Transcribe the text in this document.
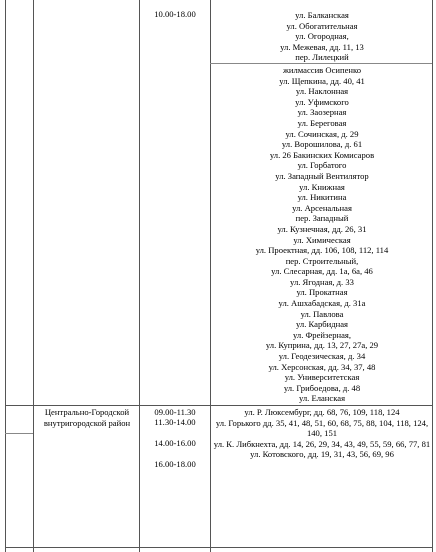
10.00-18.00	ул. Балканская
ул. Обогатительная
ул. Огородная,
ул. Межевая, дд. 11, 13
пер. Лилецкий
жилмассив Осипенко
ул. Щепкина, дд. 40, 41
ул. Наклонная
ул. Уфимского
ул. Заозерная
ул. Береговая
ул. Сочинская, д. 29
ул. Ворошилова, д. 61
ул. 26 Бакинских Комисаров
ул. Горбатого
ул. Западный Вентилятор
ул. Книжная
ул. Никитина
ул. Арсенальная
пер. Западный
ул. Кузнечная, дд. 26, 31
ул. Химическая
ул. Проектная, дд. 106, 108, 112, 114
пер. Строительный,
ул. Слесарная, дд. 1а, 6а, 46
ул. Ягодная, д. 33
ул. Прокатная
ул. Ашхабадская, д. 31а
ул. Павлова
ул. Карбидная
ул. Фрейзерная,
ул. Куприна, дд. 13, 27, 27а, 29
ул. Геодезическая, д. 34
ул. Херсонская, дд. 34, 37, 48
ул. Университетская
ул. Грибоедова, д. 48
ул. Еланская
Центрально-Городской внутригородской район
09.00-11.30
11.30-14.00
14.00-16.00
16.00-18.00
ул. Р. Люксембург, дд. 68, 76, 109, 118, 124
ул. Горького дд. 35, 41, 48, 51, 60, 68, 75, 88, 104, 118, 124, 140, 151
ул. К. Либкнехта, дд. 14, 26, 29, 34, 43, 49, 55, 59, 66, 77, 81
ул. Котовского, дд. 19, 31, 43, 56, 69, 96
